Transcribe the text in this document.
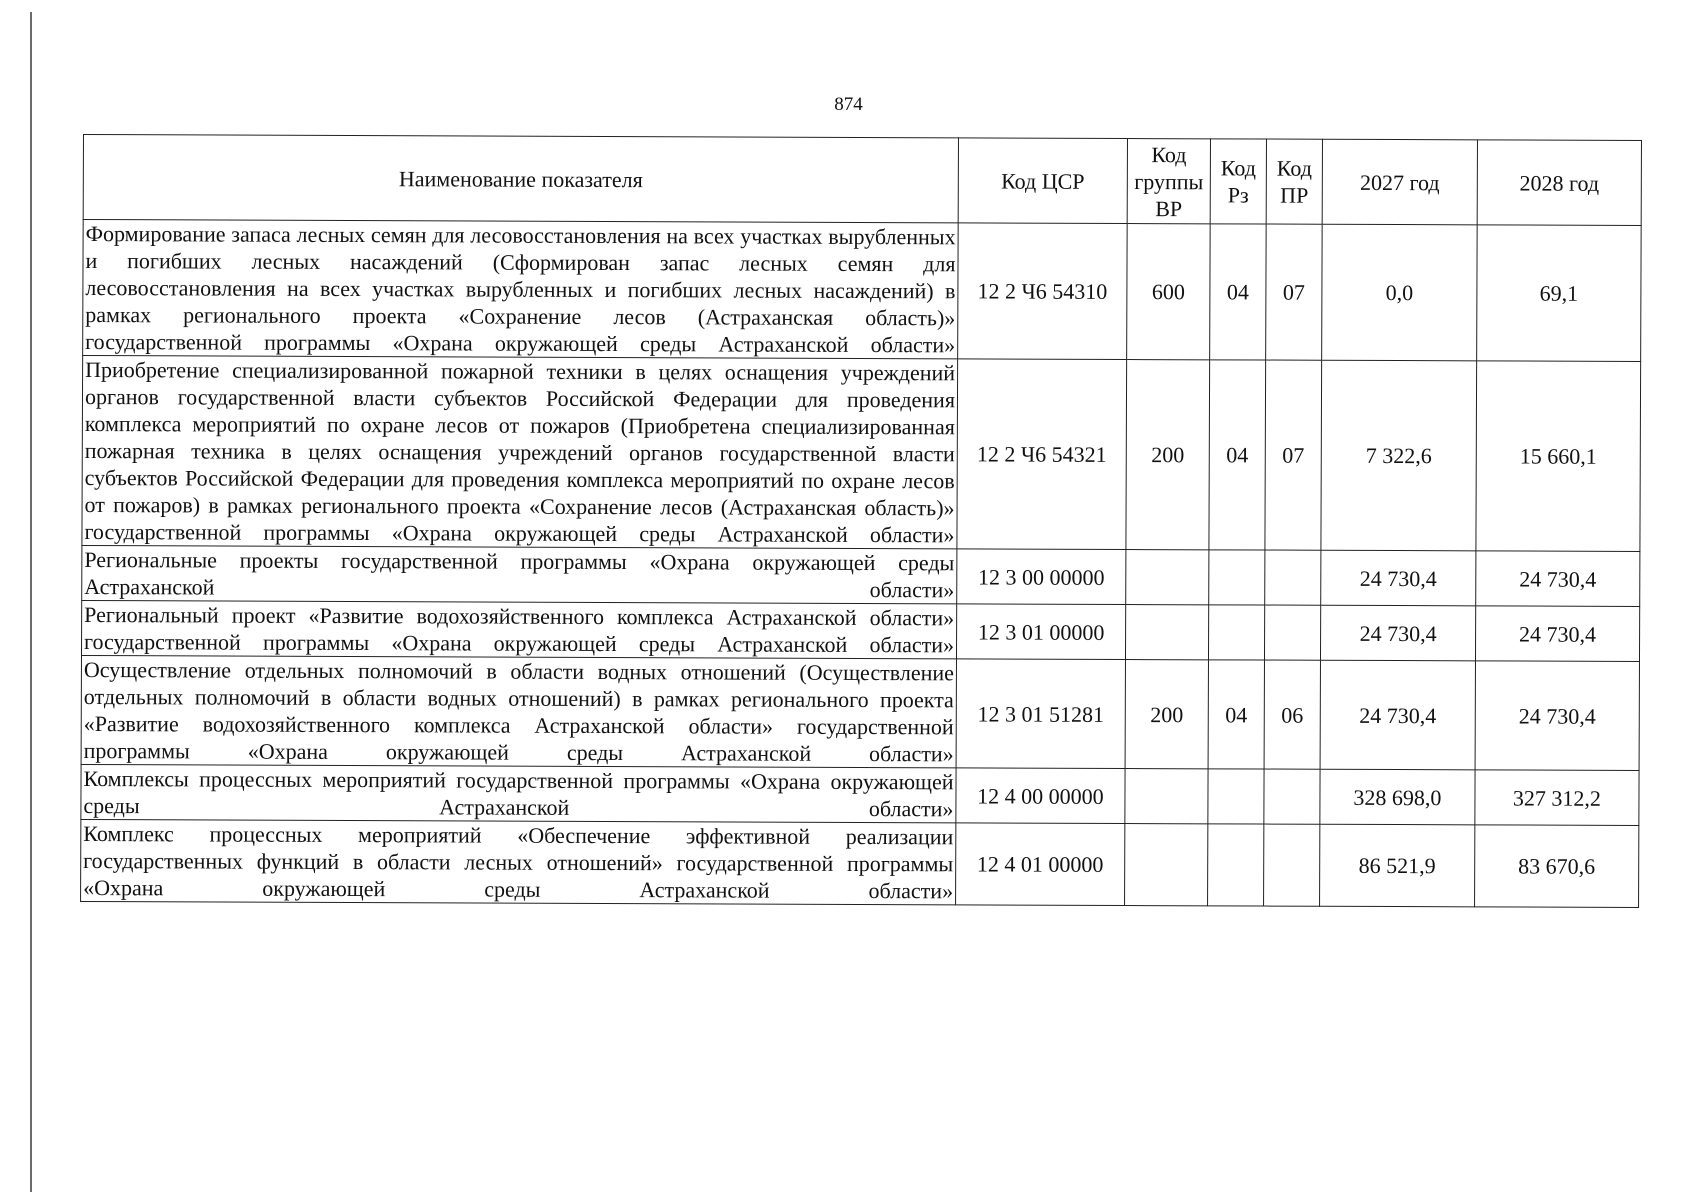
874
Наименование показателя	Код ЦСР	Код
группы
ВР	Код
Рз	Код
ПР	2027 год	2028 год
Формирование запаса лесных семян для лесовосстановления на всех участках вырубленных и погибших лесных насаждений (Сформирован запас лесных семян для лесовосстановления на всех участках вырубленных и погибших лесных насаждений) в рамках регионального проекта «Сохранение лесов (Астраханская область)» государственной программы «Охрана окружающей среды Астраханской области»	12 2 Ч6 54310	600	04	07	0,0	69,1
Приобретение специализированной пожарной техники в целях оснащения учреждений органов государственной власти субъектов Российской Федерации для проведения комплекса мероприятий по охране лесов от пожаров (Приобретена специализированная пожарная техника в целях оснащения учреждений органов государственной власти субъектов Российской Федерации для проведения комплекса мероприятий по охране лесов от пожаров) в рамках регионального проекта «Сохранение лесов (Астраханская область)» государственной программы «Охрана окружающей среды Астраханской области»	12 2 Ч6 54321	200	04	07	7 322,6	15 660,1
Региональные проекты государственной программы «Охрана окружающей среды Астраханской области»	12 3 00 00000				24 730,4	24 730,4
Региональный проект «Развитие водохозяйственного комплекса Астраханской области» государственной программы «Охрана окружающей среды Астраханской области»	12 3 01 00000				24 730,4	24 730,4
Осуществление отдельных полномочий в области водных отношений (Осуществление отдельных полномочий в области водных отношений) в рамках регионального проекта «Развитие водохозяйственного комплекса Астраханской области» государственной программы «Охрана окружающей среды Астраханской области»	12 3 01 51281	200	04	06	24 730,4	24 730,4
Комплексы процессных мероприятий государственной программы «Охрана окружающей среды Астраханской области»	12 4 00 00000				328 698,0	327 312,2
Комплекс процессных мероприятий «Обеспечение эффективной реализации государственных функций в области лесных отношений» государственной программы «Охрана окружающей среды Астраханской области»	12 4 01 00000				86 521,9	83 670,6
